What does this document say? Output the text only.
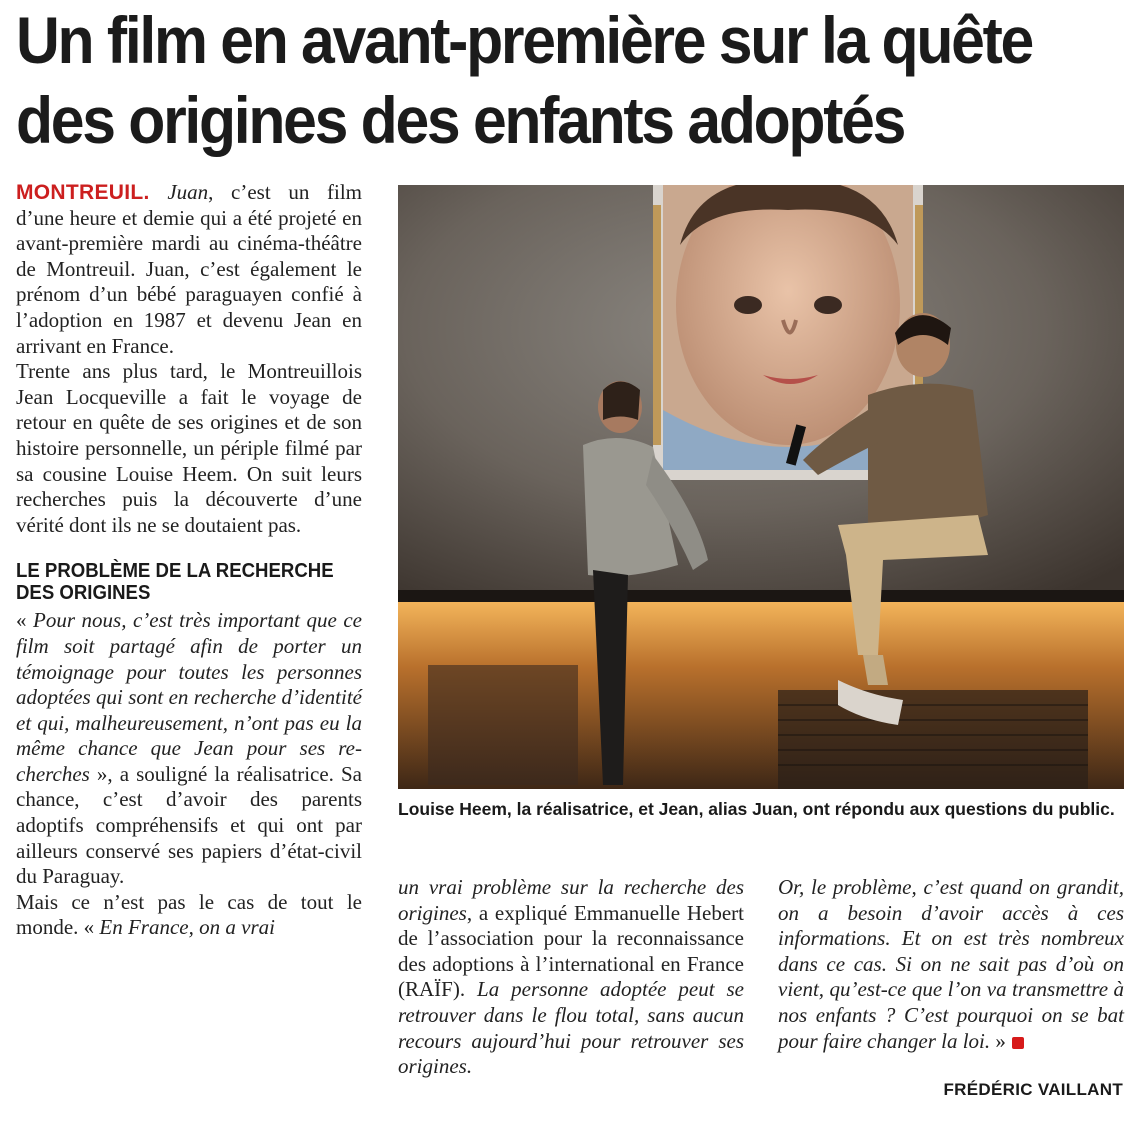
Un film en avant-première sur la quête
des origines des enfants adoptés

MONTREUIL. Juan, c’est un film d’une heure et demie qui a été projeté en avant-première mardi au cinéma-théâtre de Montreuil. Juan, c’est également le prénom d’un bébé paraguayen confié à l’adoption en 1987 et devenu Jean en arrivant en France.

Trente ans plus tard, le Montreuillois Jean Locqueville a fait le voyage de retour en quête de ses origines et de son histoire personnelle, un périple filmé par sa cousine Louise Heem. On suit leurs recherches puis la découverte d’une vérité dont ils ne se doutaient pas.

LE PROBLÈME DE LA RECHERCHE DES ORIGINES

« Pour nous, c’est très important que ce film soit partagé afin de porter un témoignage pour toutes les personnes adoptées qui sont en recherche d’identité et qui, malheureusement, n’ont pas eu la même chance que Jean pour ses recherches », a souligné la réalisatrice. Sa chance, c’est d’avoir des parents adoptifs compréhensifs et qui ont par ailleurs conservé ses papiers d’état-civil du Paraguay.

Mais ce n’est pas le cas de tout le monde. « En France, on a vrai

Louise Heem, la réalisatrice, et Jean, alias Juan, ont répondu aux questions du public.

un vrai problème sur la recherche des origines, a expliqué Emmanuelle Hebert de l’association pour la reconnaissance des adoptions à l’international en France (RAÏF). La personne adoptée peut se retrouver dans le flou total, sans aucun recours aujourd’hui pour retrouver ses origines.

Or, le problème, c’est quand on grandit, on a besoin d’avoir accès à ces informations. Et on est très nombreux dans ce cas. Si on ne sait pas d’où on vient, qu’est-ce que l’on va transmettre à nos enfants ? C’est pourquoi on se bat pour faire changer la loi. »

FRÉDÉRIC VAILLANT
